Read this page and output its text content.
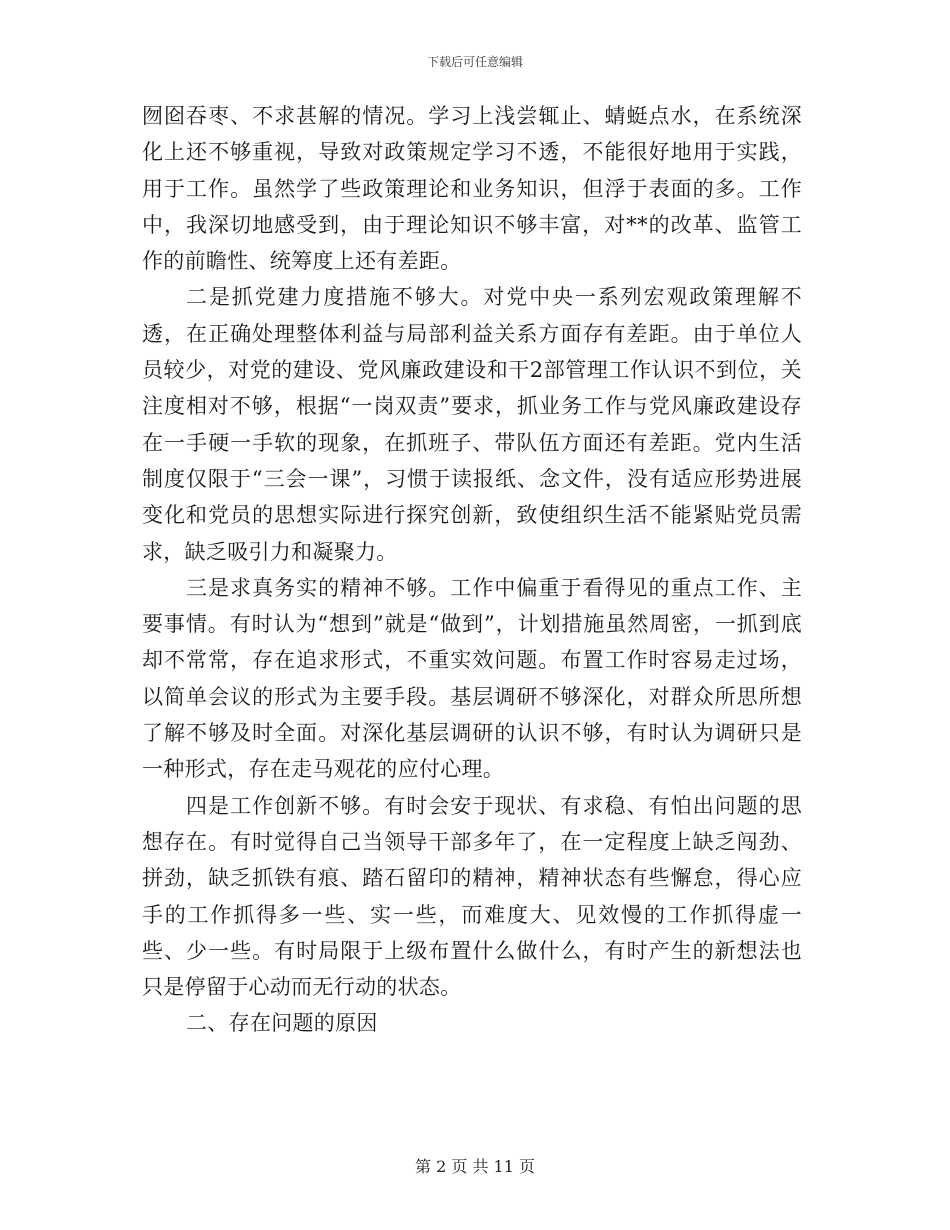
下载后可任意编辑

囫囵吞枣、不求甚解的情况。学习上浅尝辄止、蜻蜓点水，在系统深化上还不够重视，导致对政策规定学习不透，不能很好地用于实践，用于工作。虽然学了些政策理论和业务知识，但浮于表面的多。工作中，我深切地感受到，由于理论知识不够丰富，对**的改革、监管工作的前瞻性、统筹度上还有差距。

二是抓党建力度措施不够大。对党中央一系列宏观政策理解不透，在正确处理整体利益与局部利益关系方面存有差距。由于单位人员较少，对党的建设、党风廉政建设和干2部管理工作认识不到位，关注度相对不够，根据“一岗双责”要求，抓业务工作与党风廉政建设存在一手硬一手软的现象，在抓班子、带队伍方面还有差距。党内生活制度仅限于“三会一课”，习惯于读报纸、念文件，没有适应形势进展变化和党员的思想实际进行探究创新，致使组织生活不能紧贴党员需求，缺乏吸引力和凝聚力。

三是求真务实的精神不够。工作中偏重于看得见的重点工作、主要事情。有时认为“想到”就是“做到”，计划措施虽然周密，一抓到底却不常常，存在追求形式，不重实效问题。布置工作时容易走过场，以简单会议的形式为主要手段。基层调研不够深化，对群众所思所想了解不够及时全面。对深化基层调研的认识不够，有时认为调研只是一种形式，存在走马观花的应付心理。

四是工作创新不够。有时会安于现状、有求稳、有怕出问题的思想存在。有时觉得自己当领导干部多年了，在一定程度上缺乏闯劲、拼劲，缺乏抓铁有痕、踏石留印的精神，精神状态有些懈怠，得心应手的工作抓得多一些、实一些，而难度大、见效慢的工作抓得虚一些、少一些。有时局限于上级布置什么做什么，有时产生的新想法也只是停留于心动而无行动的状态。

二、存在问题的原因

第 2 页 共 11 页
